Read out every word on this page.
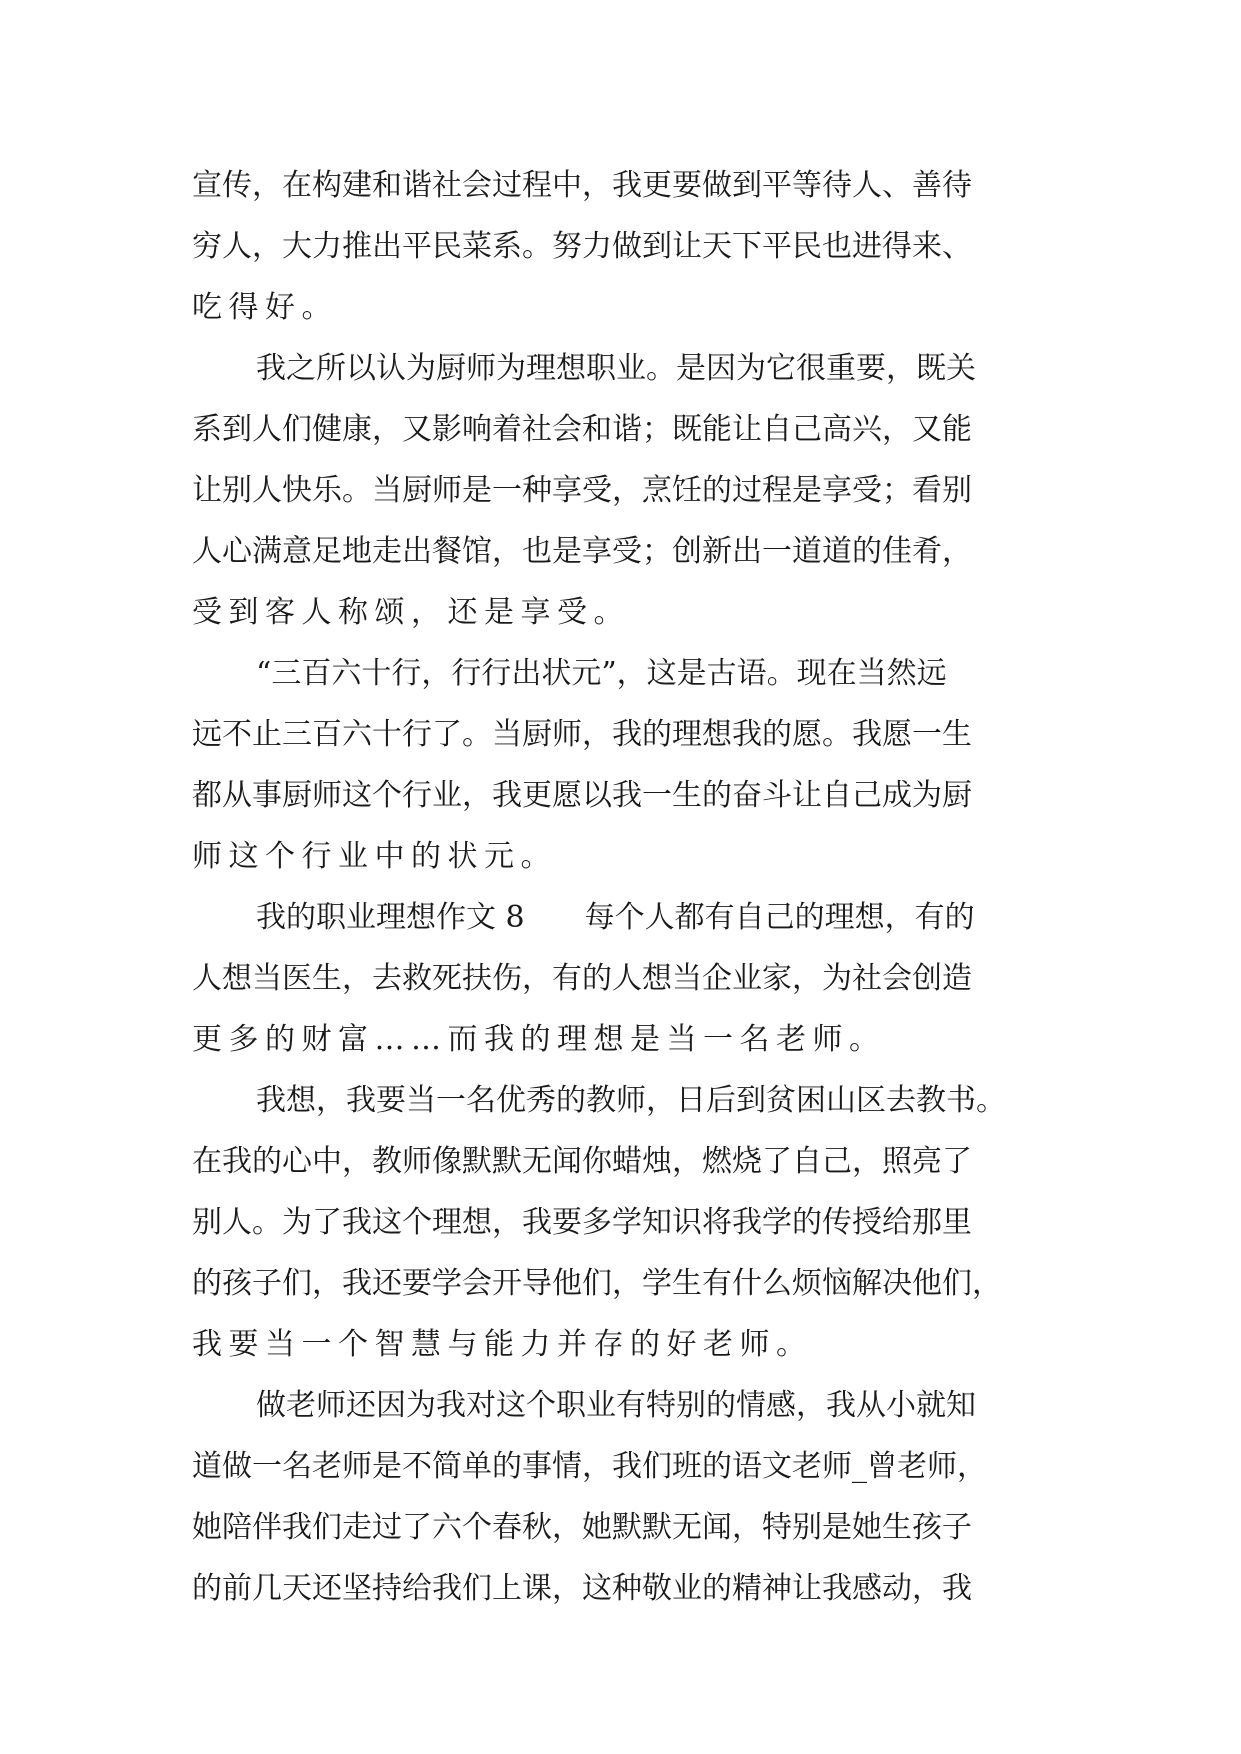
宣传，在构建和谐社会过程中，我更要做到平等待人、善待
穷人，大力推出平民菜系。努力做到让天下平民也进得来、
吃得好。
我之所以认为厨师为理想职业。是因为它很重要，既关
系到人们健康，又影响着社会和谐；既能让自己高兴，又能
让别人快乐。当厨师是一种享受，烹饪的过程是享受；看别
人心满意足地走出餐馆，也是享受；创新出一道道的佳肴，
受到客人称颂，还是享受。
“三百六十行，行行出状元”，这是古语。现在当然远
远不止三百六十行了。当厨师，我的理想我的愿。我愿一生
都从事厨师这个行业，我更愿以我一生的奋斗让自己成为厨
师这个行业中的状元。
我的职业理想作文 8　　每个人都有自己的理想，有的
人想当医生，去救死扶伤，有的人想当企业家，为社会创造
更多的财富……而我的理想是当一名老师。
我想，我要当一名优秀的教师，日后到贫困山区去教书。
在我的心中，教师像默默无闻你蜡烛，燃烧了自己，照亮了
别人。为了我这个理想，我要多学知识将我学的传授给那里
的孩子们，我还要学会开导他们，学生有什么烦恼解决他们，
我要当一个智慧与能力并存的好老师。
做老师还因为我对这个职业有特别的情感，我从小就知
道做一名老师是不简单的事情，我们班的语文老师_曾老师，
她陪伴我们走过了六个春秋，她默默无闻，特别是她生孩子
的前几天还坚持给我们上课，这种敬业的精神让我感动，我
